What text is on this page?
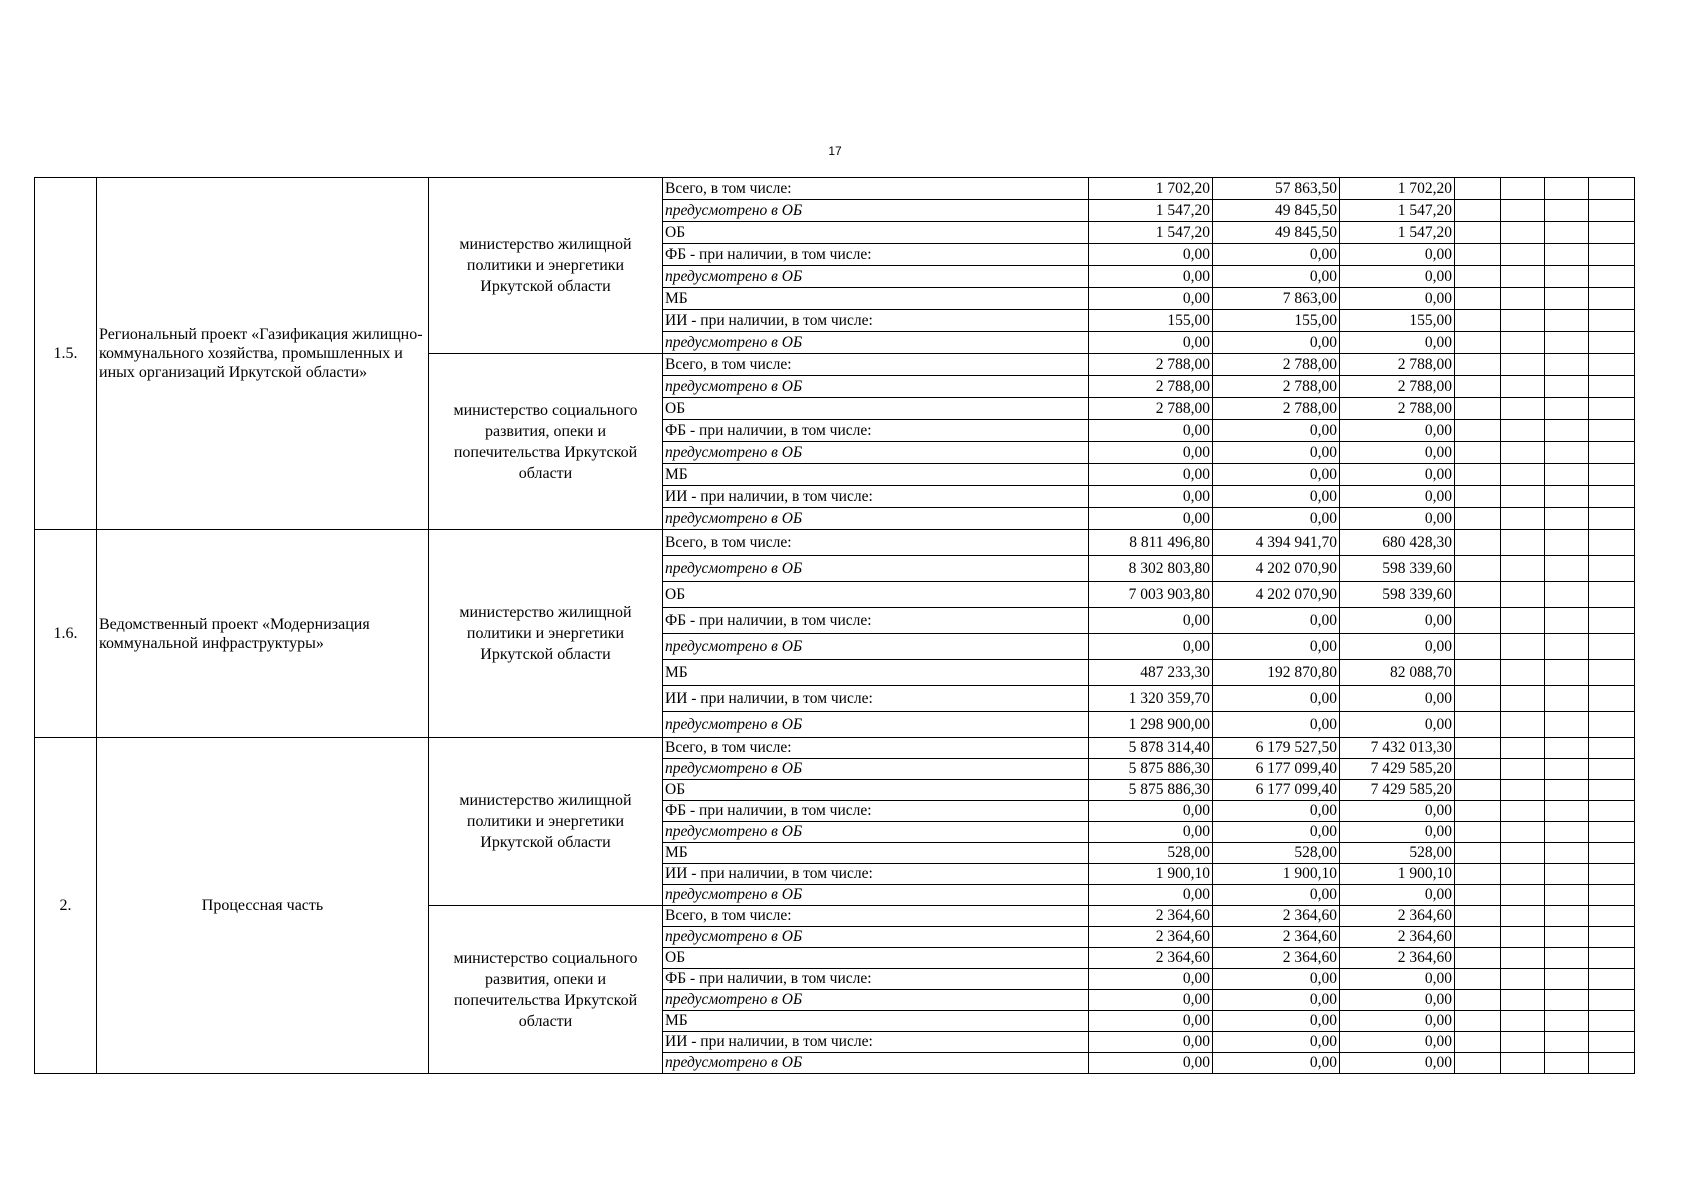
17
1.5.	Региональный проект «Газификация жилищно-коммунального хозяйства, промышленных и иных организаций Иркутской области»	министерство жилищной политики и энергетики Иркутской области	Всего, в том числе:	1 702,20	57 863,50	1 702,20				
			предусмотрено в ОБ	1 547,20	49 845,50	1 547,20				
			ОБ	1 547,20	49 845,50	1 547,20				
			ФБ - при наличии, в том числе:	0,00	0,00	0,00				
			предусмотрено в ОБ	0,00	0,00	0,00				
			МБ	0,00	7 863,00	0,00				
			ИИ - при наличии, в том числе:	155,00	155,00	155,00				
			предусмотрено в ОБ	0,00	0,00	0,00				
		министерство социального развития, опеки и попечительства Иркутской области	Всего, в том числе:	2 788,00	2 788,00	2 788,00				
			предусмотрено в ОБ	2 788,00	2 788,00	2 788,00				
			ОБ	2 788,00	2 788,00	2 788,00				
			ФБ - при наличии, в том числе:	0,00	0,00	0,00				
			предусмотрено в ОБ	0,00	0,00	0,00				
			МБ	0,00	0,00	0,00				
			ИИ - при наличии, в том числе:	0,00	0,00	0,00				
			предусмотрено в ОБ	0,00	0,00	0,00				
1.6.	Ведомственный проект «Модернизация коммунальной инфраструктуры»	министерство жилищной политики и энергетики Иркутской области	Всего, в том числе:	8 811 496,80	4 394 941,70	680 428,30				
			предусмотрено в ОБ	8 302 803,80	4 202 070,90	598 339,60				
			ОБ	7 003 903,80	4 202 070,90	598 339,60				
			ФБ - при наличии, в том числе:	0,00	0,00	0,00				
			предусмотрено в ОБ	0,00	0,00	0,00				
			МБ	487 233,30	192 870,80	82 088,70				
			ИИ - при наличии, в том числе:	1 320 359,70	0,00	0,00				
			предусмотрено в ОБ	1 298 900,00	0,00	0,00				
2.	Процессная часть	министерство жилищной политики и энергетики Иркутской области	Всего, в том числе:	5 878 314,40	6 179 527,50	7 432 013,30				
			предусмотрено в ОБ	5 875 886,30	6 177 099,40	7 429 585,20				
			ОБ	5 875 886,30	6 177 099,40	7 429 585,20				
			ФБ - при наличии, в том числе:	0,00	0,00	0,00				
			предусмотрено в ОБ	0,00	0,00	0,00				
			МБ	528,00	528,00	528,00				
			ИИ - при наличии, в том числе:	1 900,10	1 900,10	1 900,10				
			предусмотрено в ОБ	0,00	0,00	0,00				
		министерство социального развития, опеки и попечительства Иркутской области	Всего, в том числе:	2 364,60	2 364,60	2 364,60				
			предусмотрено в ОБ	2 364,60	2 364,60	2 364,60				
			ОБ	2 364,60	2 364,60	2 364,60				
			ФБ - при наличии, в том числе:	0,00	0,00	0,00				
			предусмотрено в ОБ	0,00	0,00	0,00				
			МБ	0,00	0,00	0,00				
			ИИ - при наличии, в том числе:	0,00	0,00	0,00				
			предусмотрено в ОБ	0,00	0,00	0,00				
